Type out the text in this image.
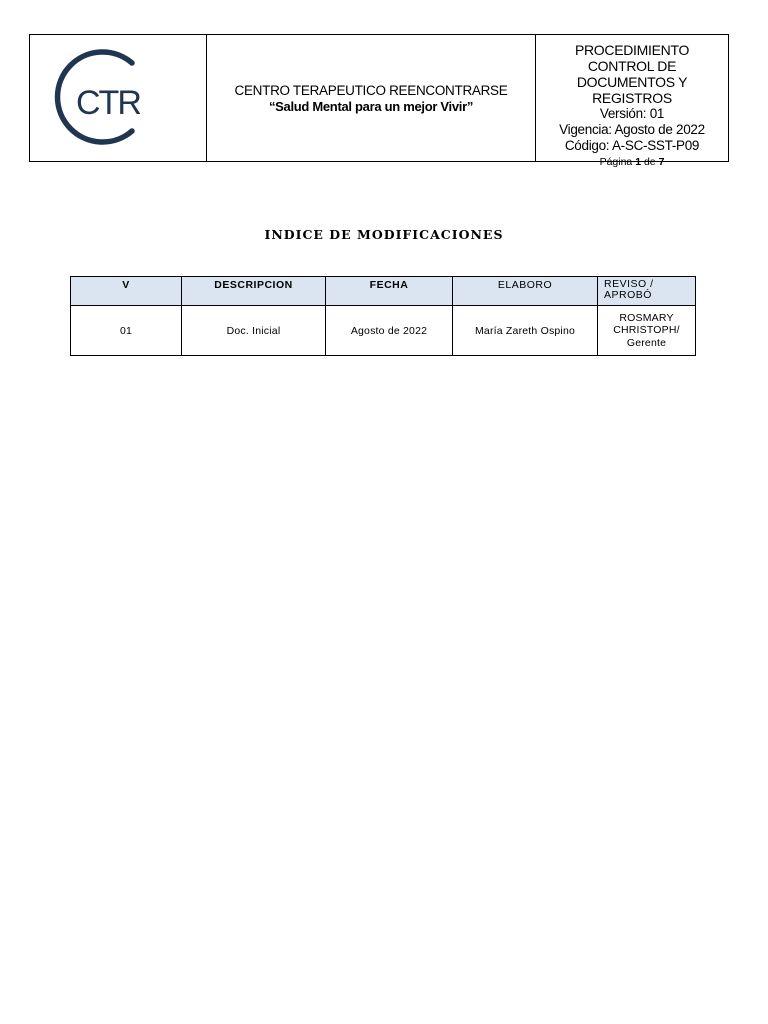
CTR	CENTRO TERAPEUTICO REENCONTRARSE
“Salud Mental para un mejor Vivir”
PROCEDIMIENTO CONTROL DE DOCUMENTOS Y REGISTROS
Versión: 01
Vigencia: Agosto de 2022
Código: A-SC-SST-P09
Página 1 de 7
INDICE DE MODIFICACIONES
V	DESCRIPCION	FECHA	ELABORO	REVISO / APROBÓ
01	Doc. Inicial	Agosto de 2022	María Zareth Ospino	ROSMARY CHRISTOPH/ Gerente
